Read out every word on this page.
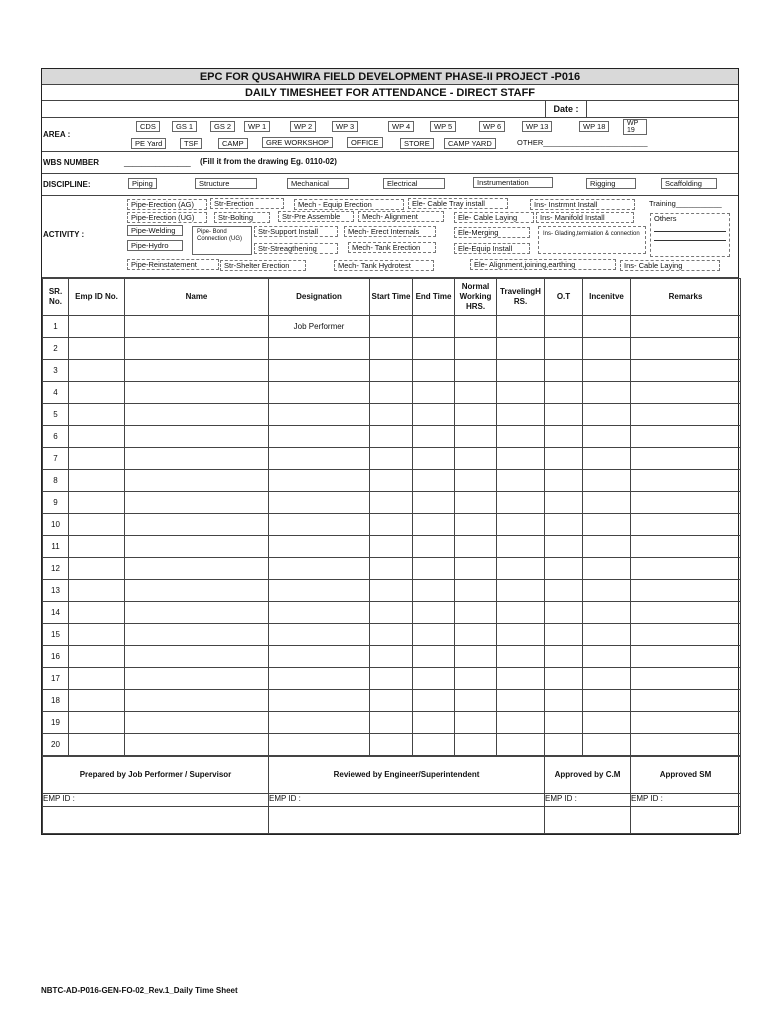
EPC FOR QUSAHWIRA FIELD DEVELOPMENT PHASE-II PROJECT -P016
DAILY TIMESHEET FOR ATTENDANCE - DIRECT STAFF
Date :
AREA :
CDS	GS 1	GS 2	WP 1	WP 2	WP 3	WP 4	WP 5	WP 6	WP 13	WP 18	WP 19
PE Yard	TSF	CAMP	GRE WORKSHOP	OFFICE	STORE	CAMP YARD	OTHER_________________________
WBS NUMBER	_______________ (Fill it from the drawing Eg. 0110-02)
DISCIPLINE:	Piping	Structure	Mechanical	Electrical	Instrumentation	Rigging	Scaffolding
ACTIVITY :
Pipe-Erection (AG)	Str-Erection	Mech - Equip Erection	Ele- Cable Tray install	Ins- Instrmnt Install	Training___________
Pipe-Erection (UG)	Str-Bolting	Str-Pre Assemble	Mech- Alignment	Ele- Cable Laying	Ins- Manifold Install	Others
Pipe-Welding	Pipe- Bond Connection (UG)
Str-Support Install	Mech- Erect Internals	Ele-Merging	Ins- Glading,termiation & connection
Pipe-Hydro	Str-Streagthening	Mech- Tank Erection	Ele-Equip Install
Pipe-Reinstatement	Str-Shelter Erection	Mech- Tank Hydrotest	Ele- Alignment,joining,earthing	Ins- Cable Laying
SR. No.	Emp ID No.	Name	Designation	Start Time	End Time	Normal Working HRS.	TravelingH RS.	O.T	Incenitve	Remarks
1			Job Performer							
2										
3										
4										
5										
6										
7										
8										
9										
10										
11										
12										
13										
14										
15										
16										
17										
18										
19										
20										
Prepared by Job Performer / Supervisor	Reviewed by Engineer/Superintendent	Approved by C.M	Approved SM
EMP ID :	EMP ID :	EMP ID :	EMP ID :

NBTC-AD-P016-GEN-FO-02_Rev.1_Daily Time Sheet
